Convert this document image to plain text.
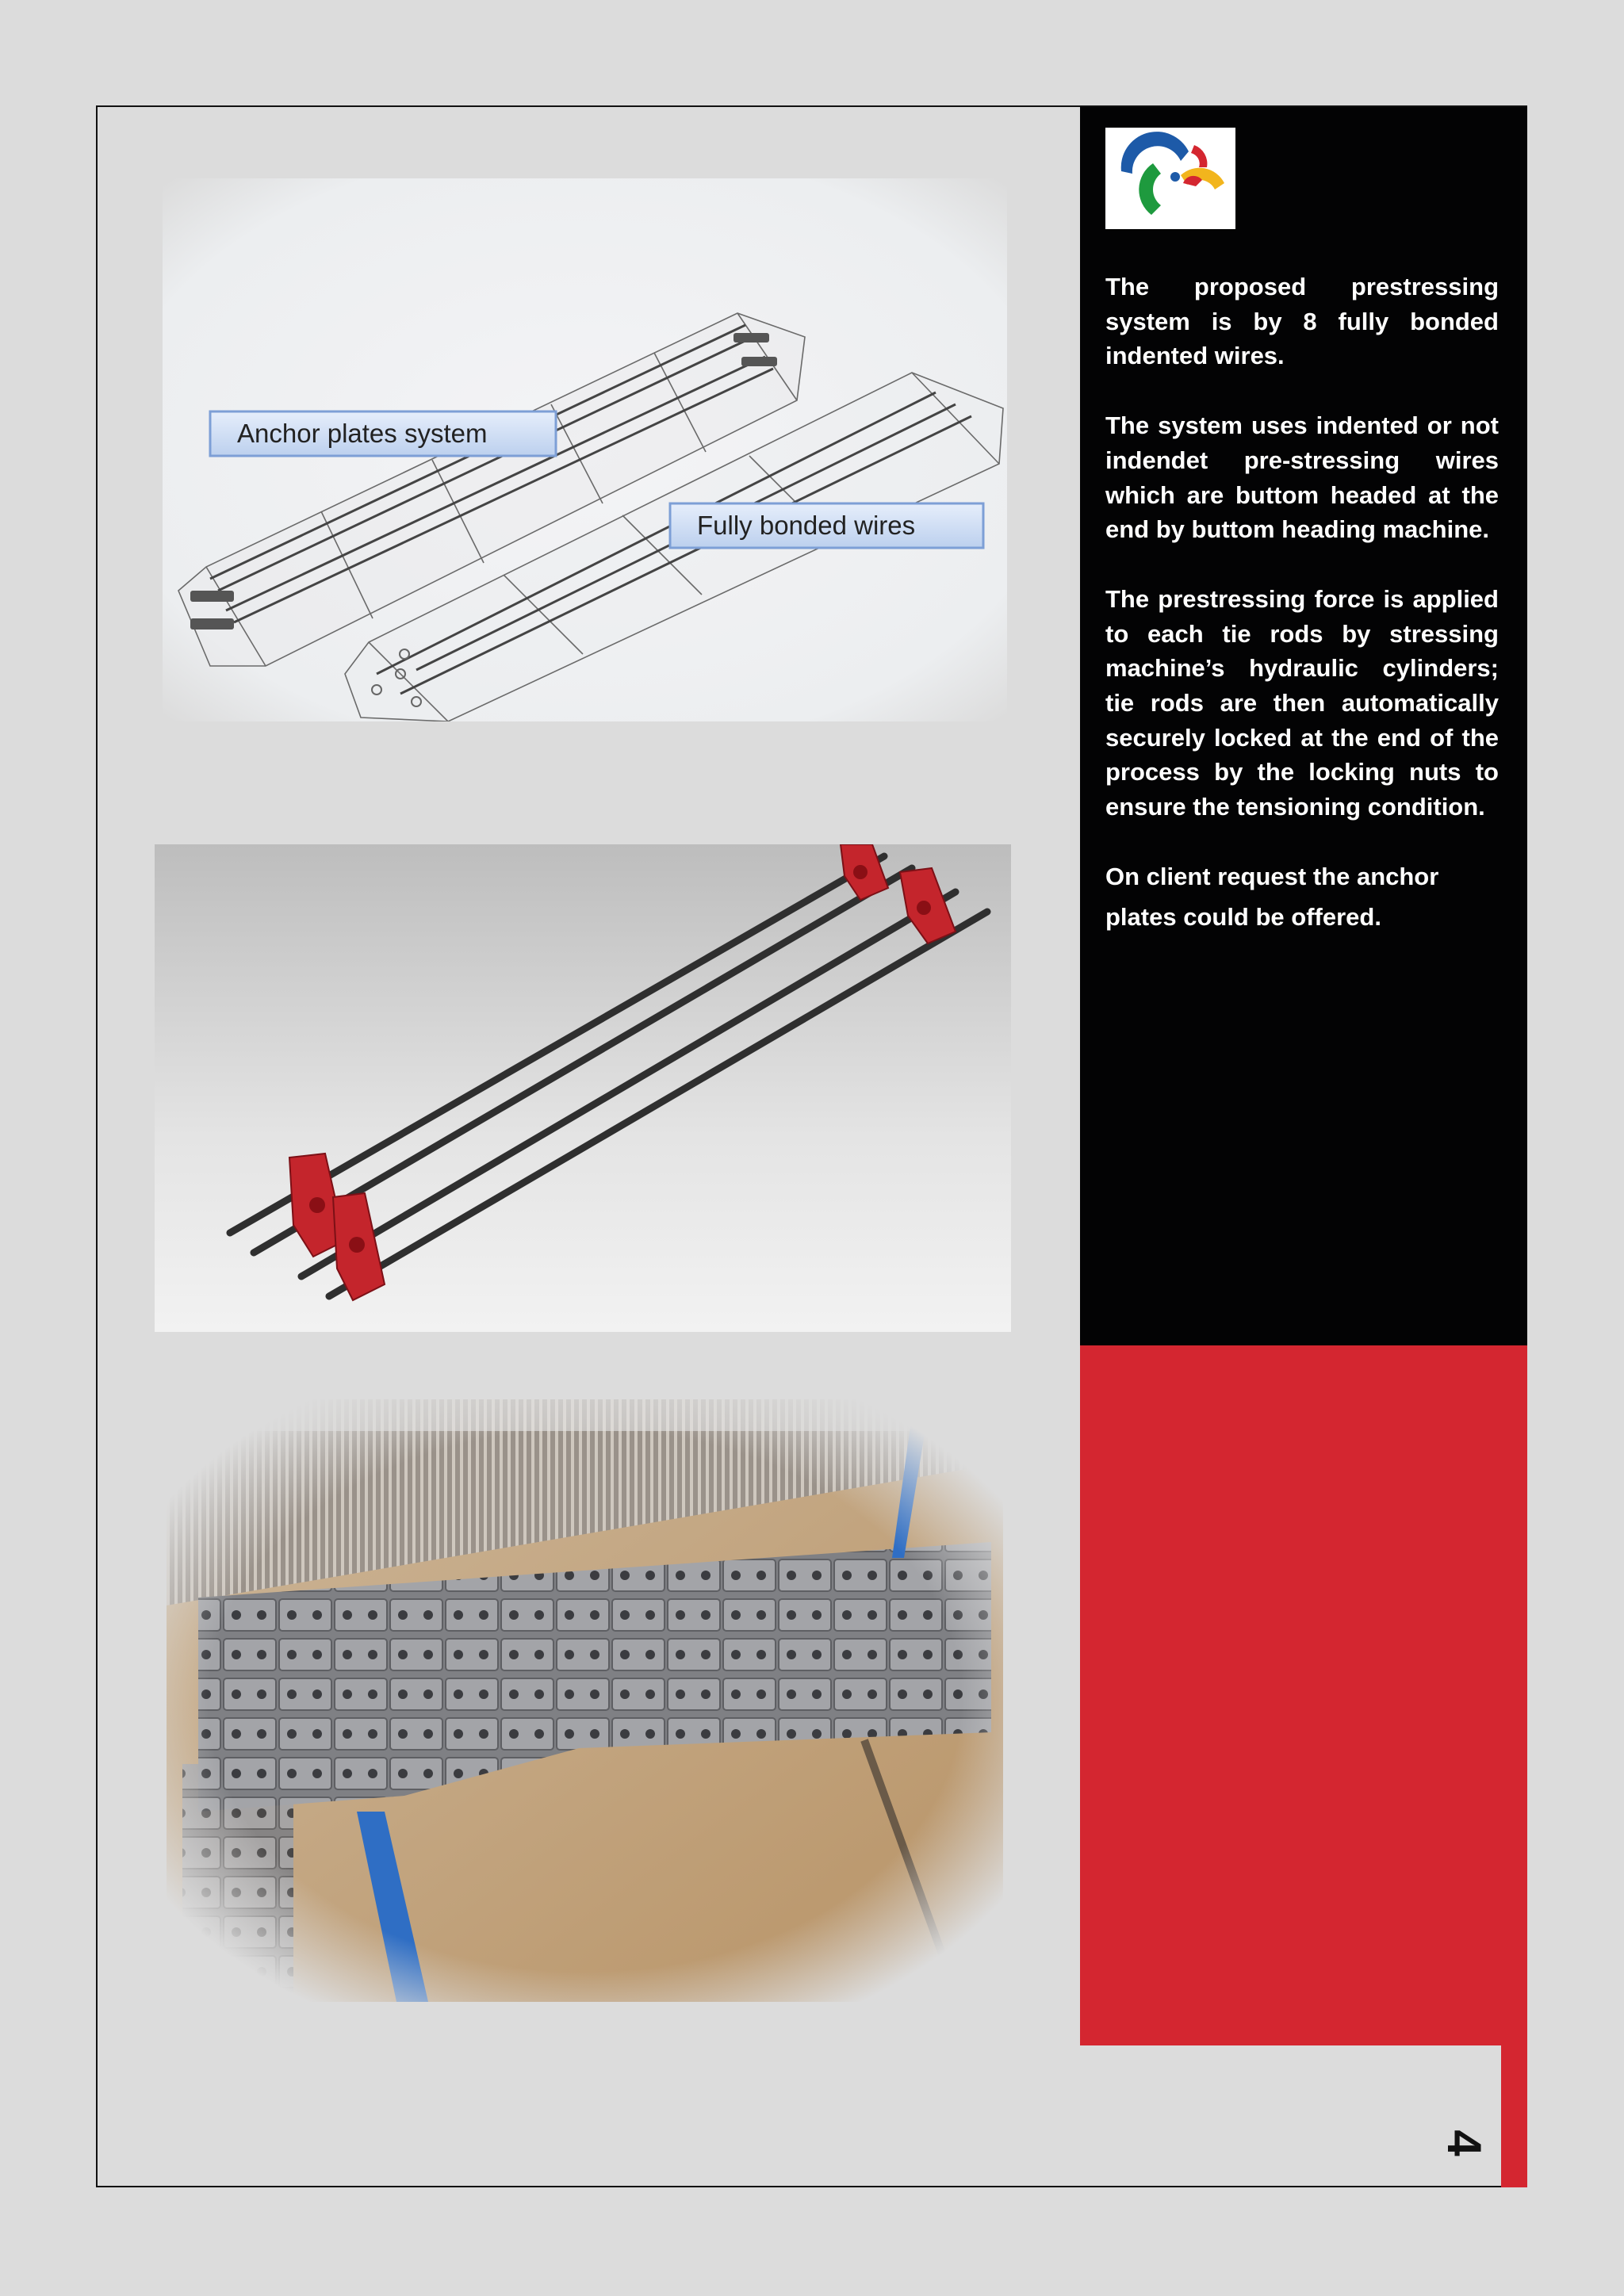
Anchor plates system
Fully bonded wires

The proposed prestressing system is by 8 fully bonded indented wires.

The system uses indented or not indendet pre-stressing wires which are buttom headed at the end by buttom heading machine.

The prestressing force is applied to each tie rods by stressing machine’s hydraulic cylinders; tie rods are then automatically securely locked at the end of the process by the locking nuts to ensure the tensioning condition.

On client request the anchor plates could be offered.

4
